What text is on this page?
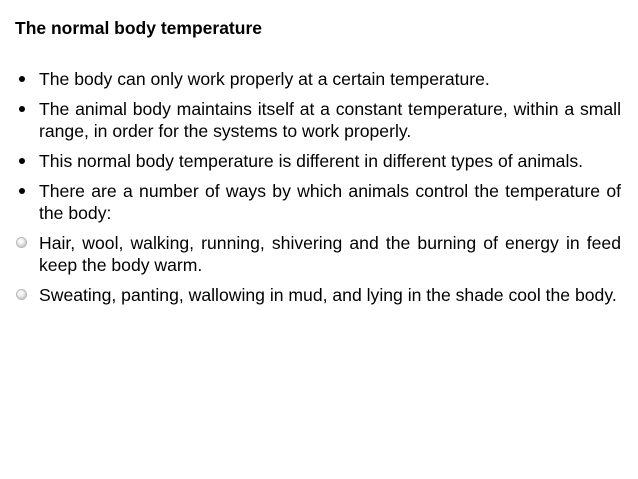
The normal body temperature
The body can only work properly at a certain temperature.
The animal body maintains itself at a constant temperature, within a small range, in order for the systems to work properly.
This normal body temperature is different in different types of animals.
There are a number of ways by which animals control the temperature of the body:
Hair, wool, walking, running, shivering and the burning of energy in feed keep the body warm.
Sweating, panting, wallowing in mud, and lying in the shade cool the body.
